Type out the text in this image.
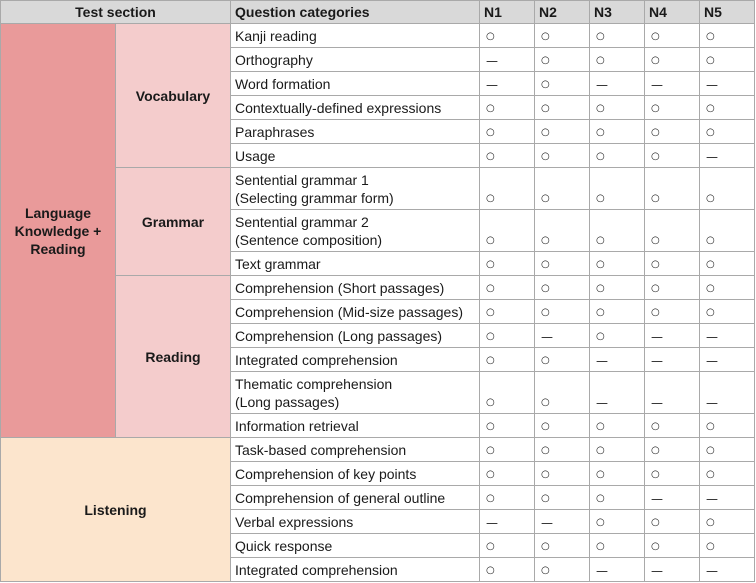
Test section		Question categories	N1	N2	N3	N4	N5

Language
Knowledge +
Reading	Vocabulary	Kanji reading	○	○	○	○	○

		Orthography	—	○	○	○	○

		Word formation	—	○	—	—	—

		Contextually-defined expressions	○	○	○	○	○

		Paraphrases	○	○	○	○	○

		Usage	○	○	○	○	—
	Grammar	Sentential grammar 1
(Selecting grammar form)	○	○	○	○	○

		Sentential grammar 2
(Sentence composition)	○	○	○	○	○

		Text grammar	○	○	○	○	○
	Reading	Comprehension (Short passages)	○	○	○	○	○

		Comprehension (Mid-size passages)	○	○	○	○	○

		Comprehension (Long passages)	○	—	○	—	—

		Integrated comprehension	○	○	—	—	—

		Thematic comprehension
(Long passages)	○	○	—	—	—

		Information retrieval	○	○	○	○	○
Listening		Task-based comprehension	○	○	○	○	○

		Comprehension of key points	○	○	○	○	○

		Comprehension of general outline	○	○	○	—	—

		Verbal expressions	—	—	○	○	○

		Quick response	○	○	○	○	○

		Integrated comprehension	○	○	—	—	—
